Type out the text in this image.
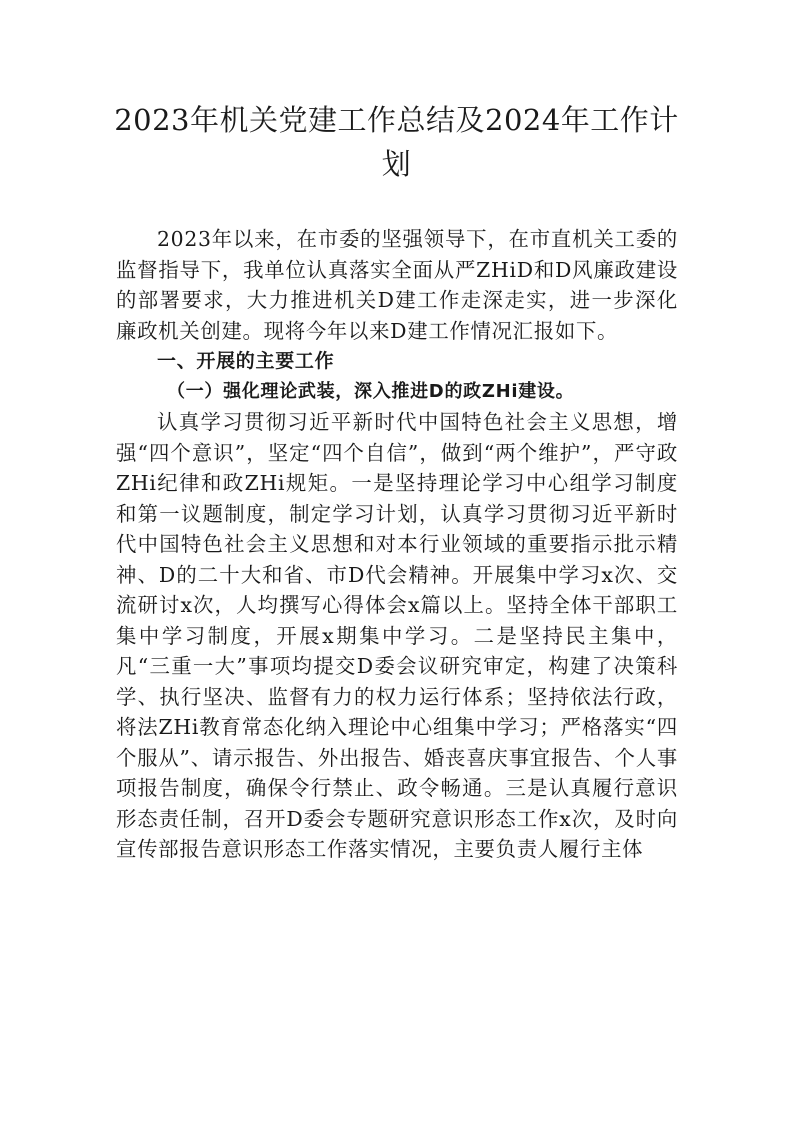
2023年机关党建工作总结及2024年工作计划

2023年以来，在市委的坚强领导下，在市直机关工委的监督指导下，我单位认真落实全面从严ZHiD和D风廉政建设的部署要求，大力推进机关D建工作走深走实，进一步深化廉政机关创建。现将今年以来D建工作情况汇报如下。

一、开展的主要工作

（一）强化理论武装，深入推进D的政ZHi建设。

认真学习贯彻习近平新时代中国特色社会主义思想，增强“四个意识”，坚定“四个自信”，做到“两个维护”，严守政ZHi纪律和政ZHi规矩。一是坚持理论学习中心组学习制度和第一议题制度，制定学习计划，认真学习贯彻习近平新时代中国特色社会主义思想和对本行业领域的重要指示批示精神、D的二十大和省、市D代会精神。开展集中学习x次、交流研讨x次，人均撰写心得体会x篇以上。坚持全体干部职工集中学习制度，开展x期集中学习。二是坚持民主集中，凡“三重一大”事项均提交D委会议研究审定，构建了决策科学、执行坚决、监督有力的权力运行体系；坚持依法行政，将法ZHi教育常态化纳入理论中心组集中学习；严格落实“四个服从”、请示报告、外出报告、婚丧喜庆事宜报告、个人事项报告制度，确保令行禁止、政令畅通。三是认真履行意识形态责任制，召开D委会专题研究意识形态工作x次，及时向宣传部报告意识形态工作落实情况，主要负责人履行主体
